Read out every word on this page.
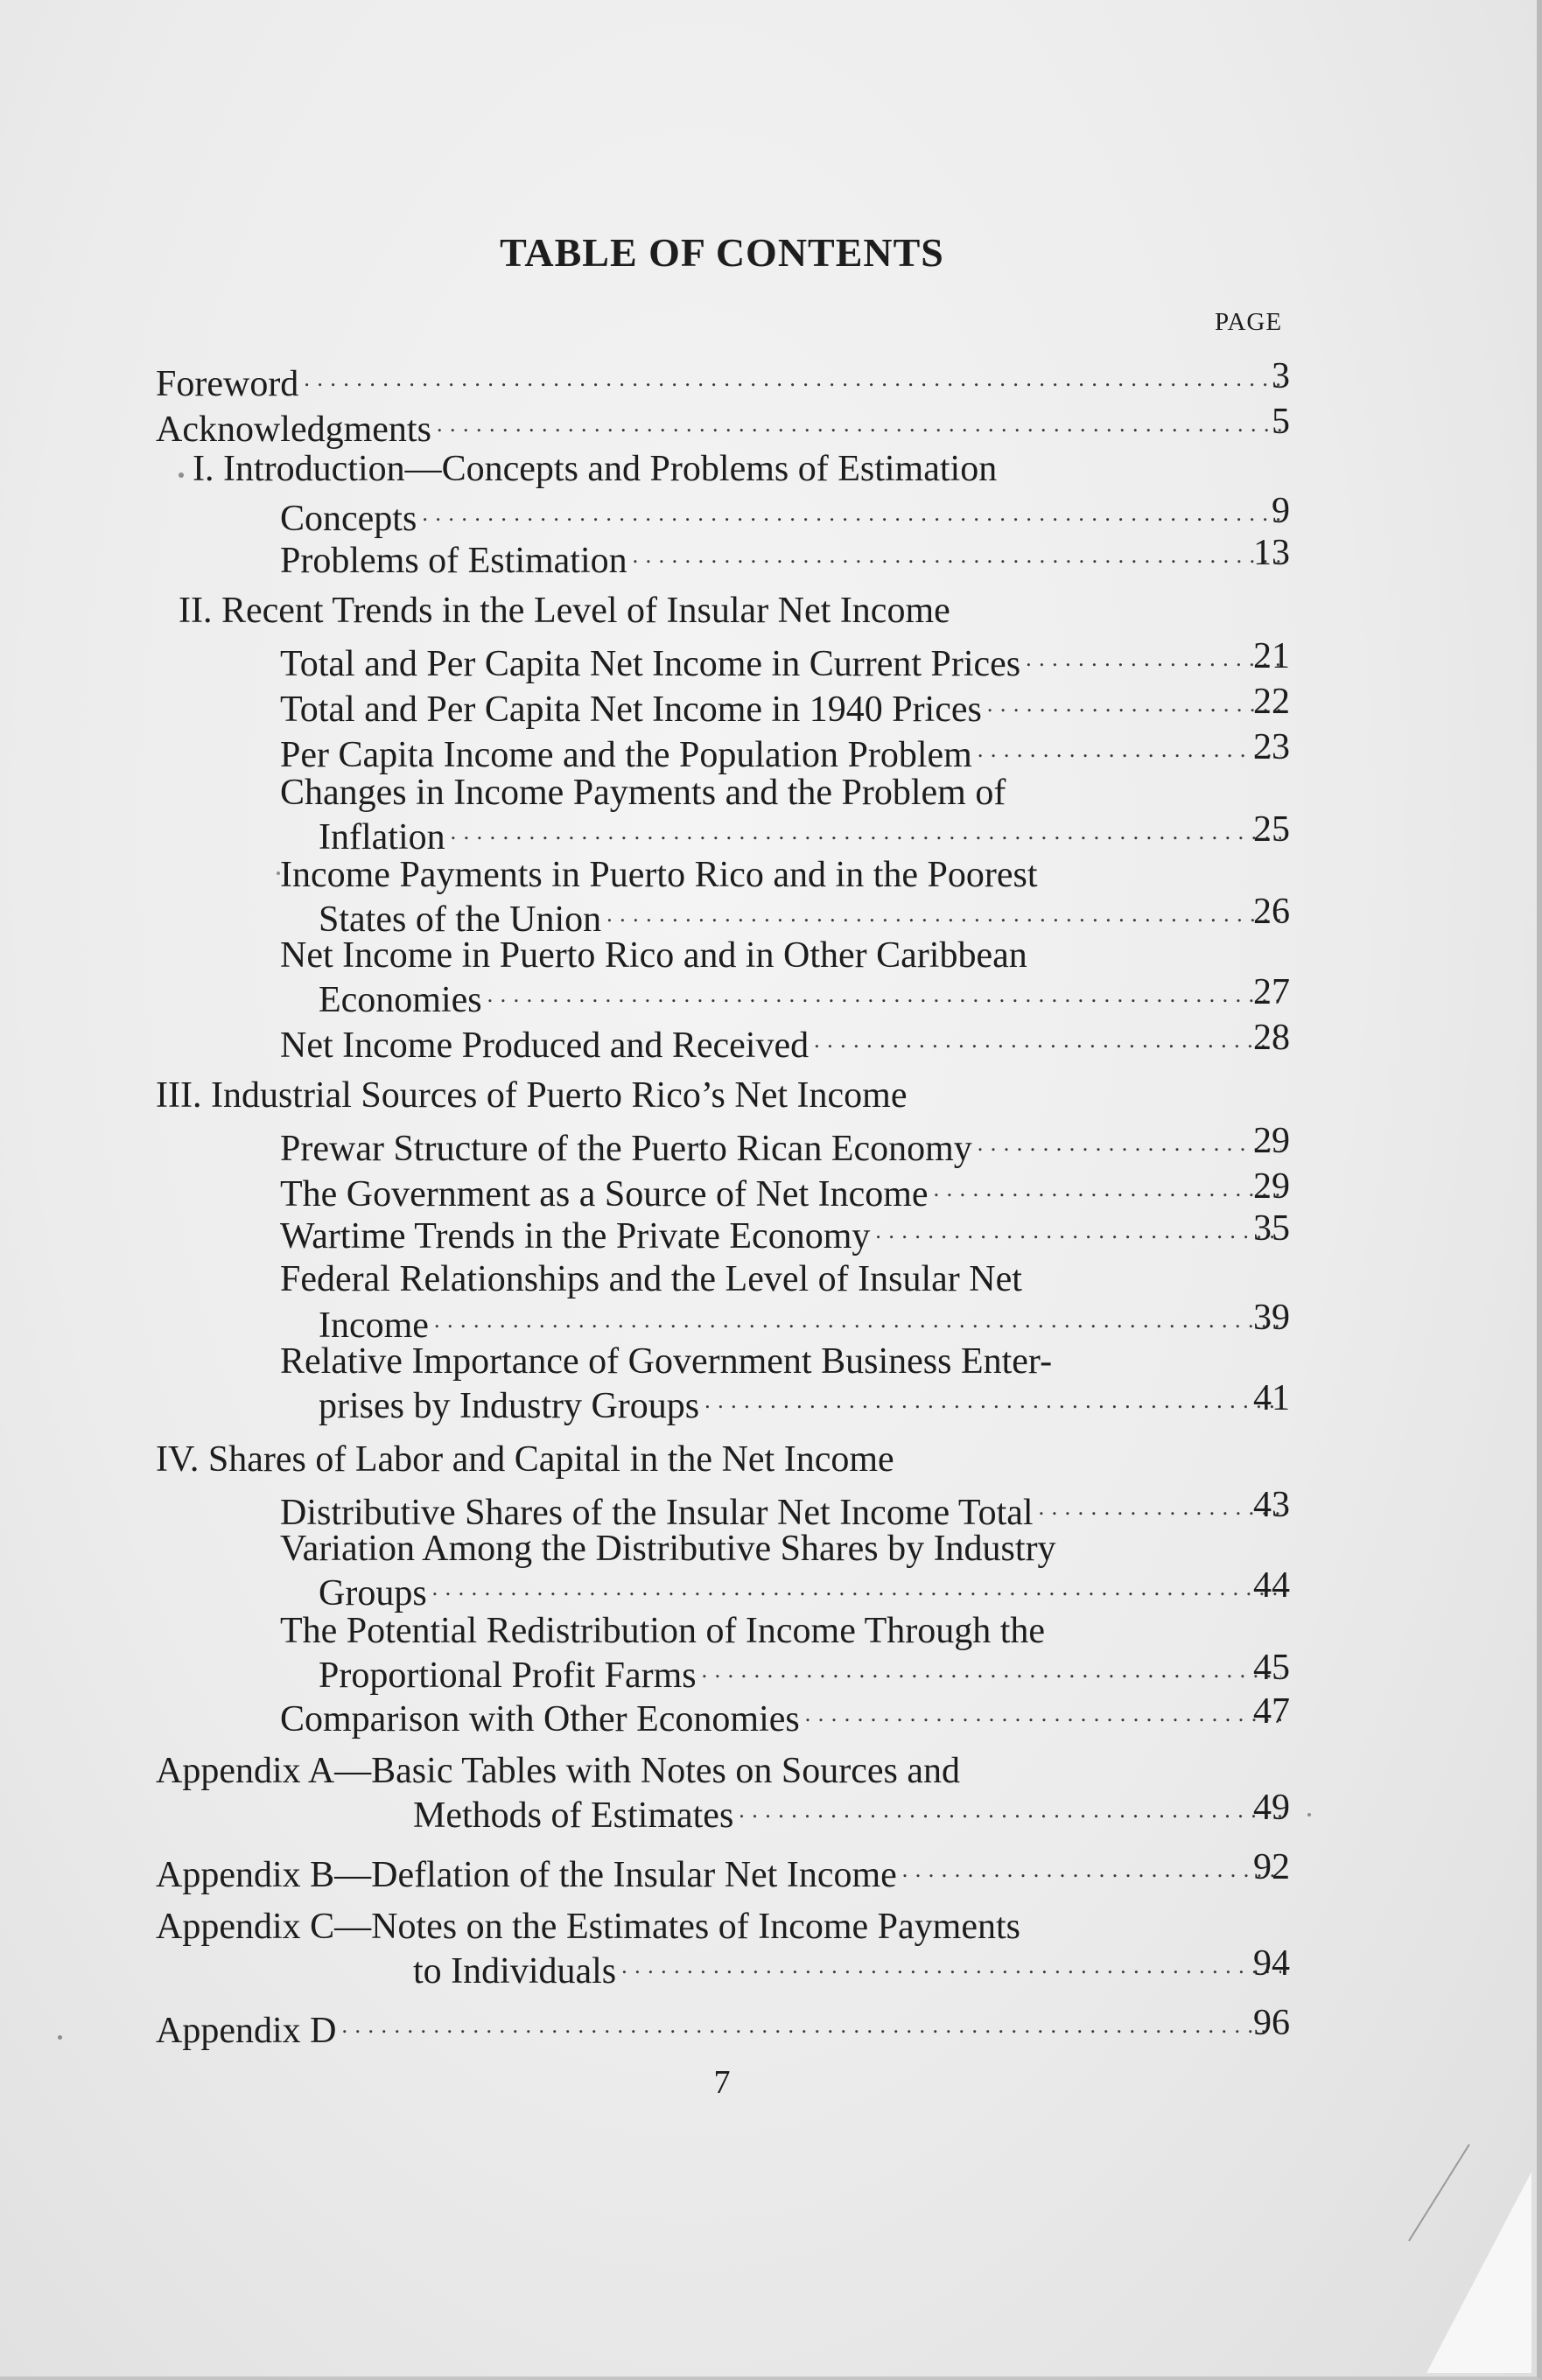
TABLE OF CONTENTS
PAGE
Foreword . . .	3
Acknowledgments . . .	5
I. Introduction—Concepts and Problems of Estimation
Concepts . . .	9
Problems of Estimation . . .	13
II. Recent Trends in the Level of Insular Net Income
Total and Per Capita Net Income in Current Prices . . .	21
Total and Per Capita Net Income in 1940 Prices . . .	22
Per Capita Income and the Population Problem . . .	23
Changes in Income Payments and the Problem of
Inflation . . .	25
Income Payments in Puerto Rico and in the Poorest
States of the Union . . .	26
Net Income in Puerto Rico and in Other Caribbean
Economies . . .	27
Net Income Produced and Received . . .	28
III. Industrial Sources of Puerto Rico’s Net Income
Prewar Structure of the Puerto Rican Economy . . .	29
The Government as a Source of Net Income . . .	29
Wartime Trends in the Private Economy . . .	35
Federal Relationships and the Level of Insular Net
Income . . .	39
Relative Importance of Government Business Enter-
prises by Industry Groups . . .	41
IV. Shares of Labor and Capital in the Net Income
Distributive Shares of the Insular Net Income Total . . .	43
Variation Among the Distributive Shares by Industry
Groups . . .	44
The Potential Redistribution of Income Through the
Proportional Profit Farms . . .	45
Comparison with Other Economies . . .	47
Appendix A—Basic Tables with Notes on Sources and
Methods of Estimates . . .	49
Appendix B—Deflation of the Insular Net Income . . .	92
Appendix C—Notes on the Estimates of Income Payments
to Individuals . . .	94
Appendix D . . .	96
7
